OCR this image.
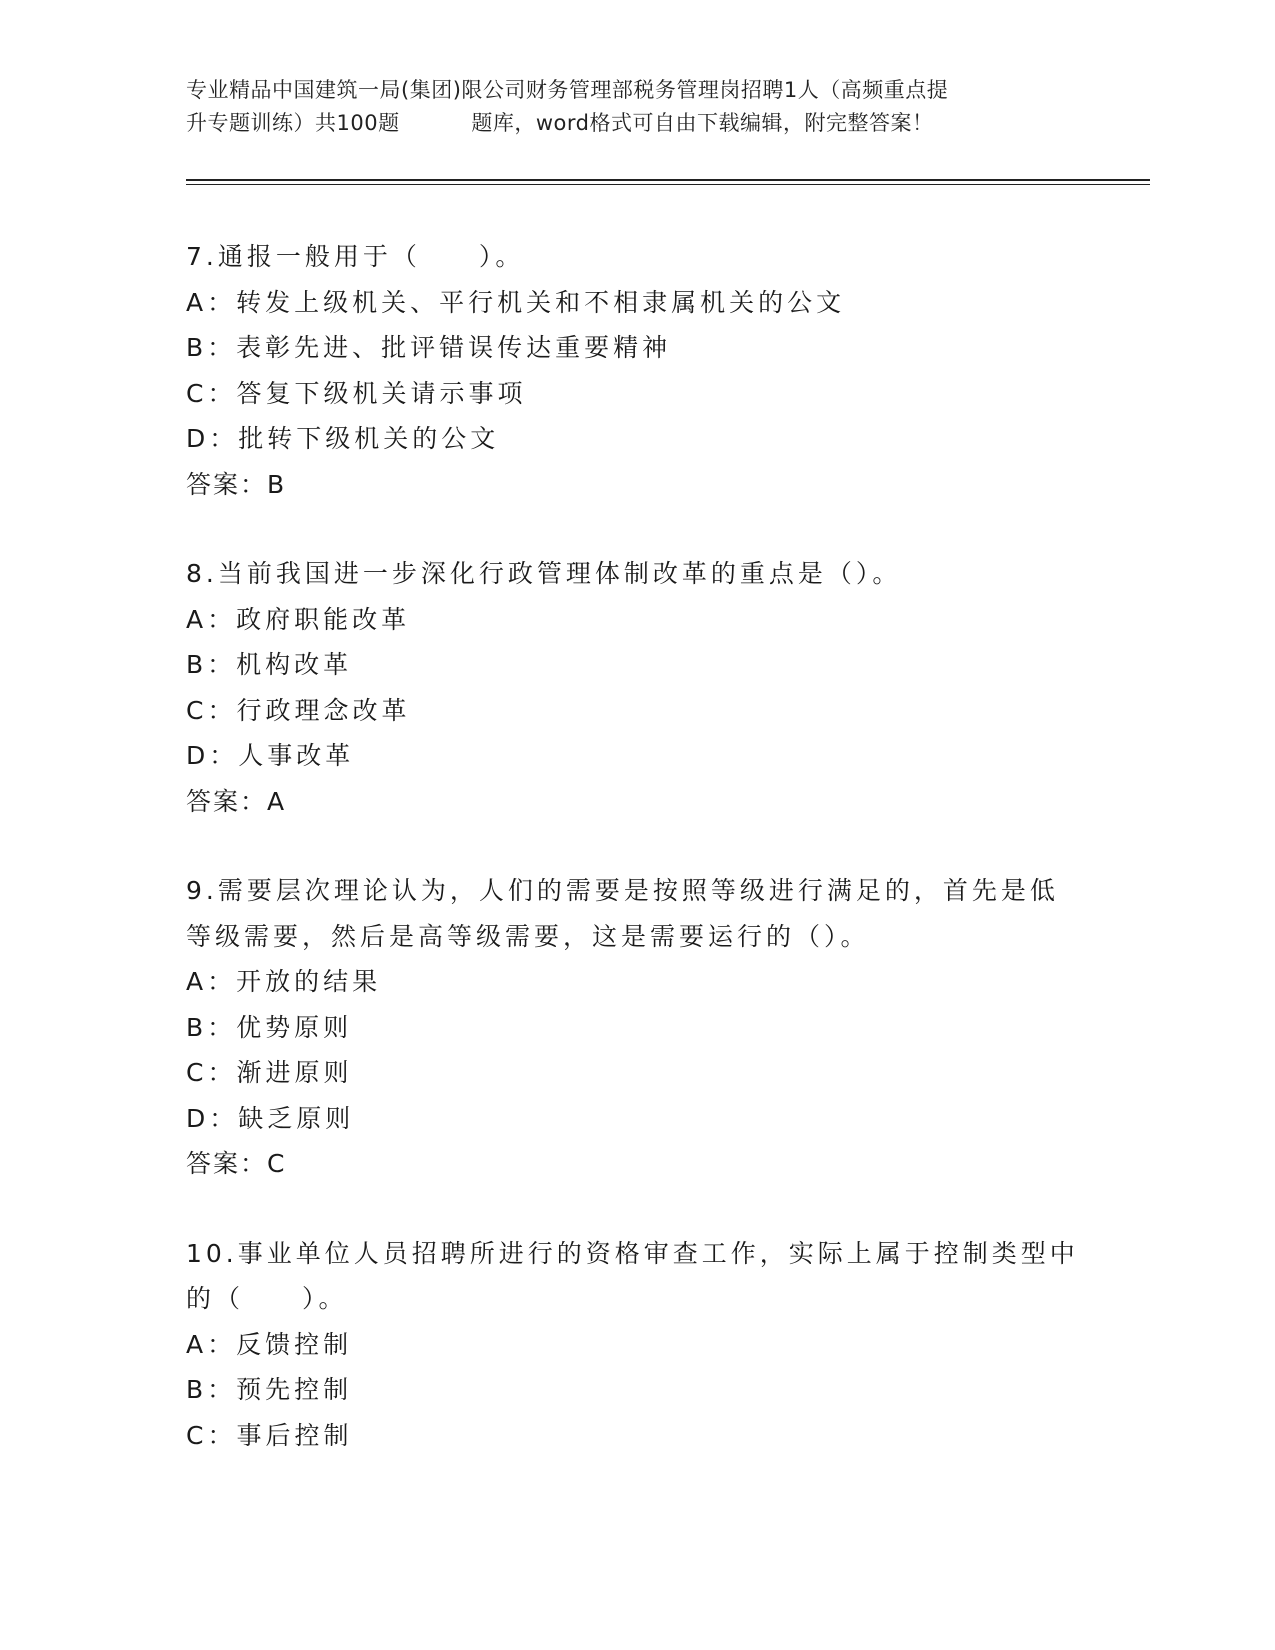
专业精品中国建筑一局(集团)限公司财务管理部税务管理岗招聘1人（高频重点提

升专题训练）共100题	题库，word格式可自由下载编辑，附完整答案！
7.通报一般用于（　　）。
A：转发上级机关、平行机关和不相隶属机关的公文
B：表彰先进、批评错误传达重要精神
C：答复下级机关请示事项
D：批转下级机关的公文
答案：B
8.当前我国进一步深化行政管理体制改革的重点是（）。
A：政府职能改革
B：机构改革
C：行政理念改革
D：人事改革
答案：A
9.需要层次理论认为，人们的需要是按照等级进行满足的，首先是低
等级需要，然后是高等级需要，这是需要运行的（）。
A：开放的结果
B：优势原则
C：渐进原则
D：缺乏原则
答案：C
10.事业单位人员招聘所进行的资格审查工作，实际上属于控制类型中
的（　　）。
A：反馈控制
B：预先控制
C：事后控制
